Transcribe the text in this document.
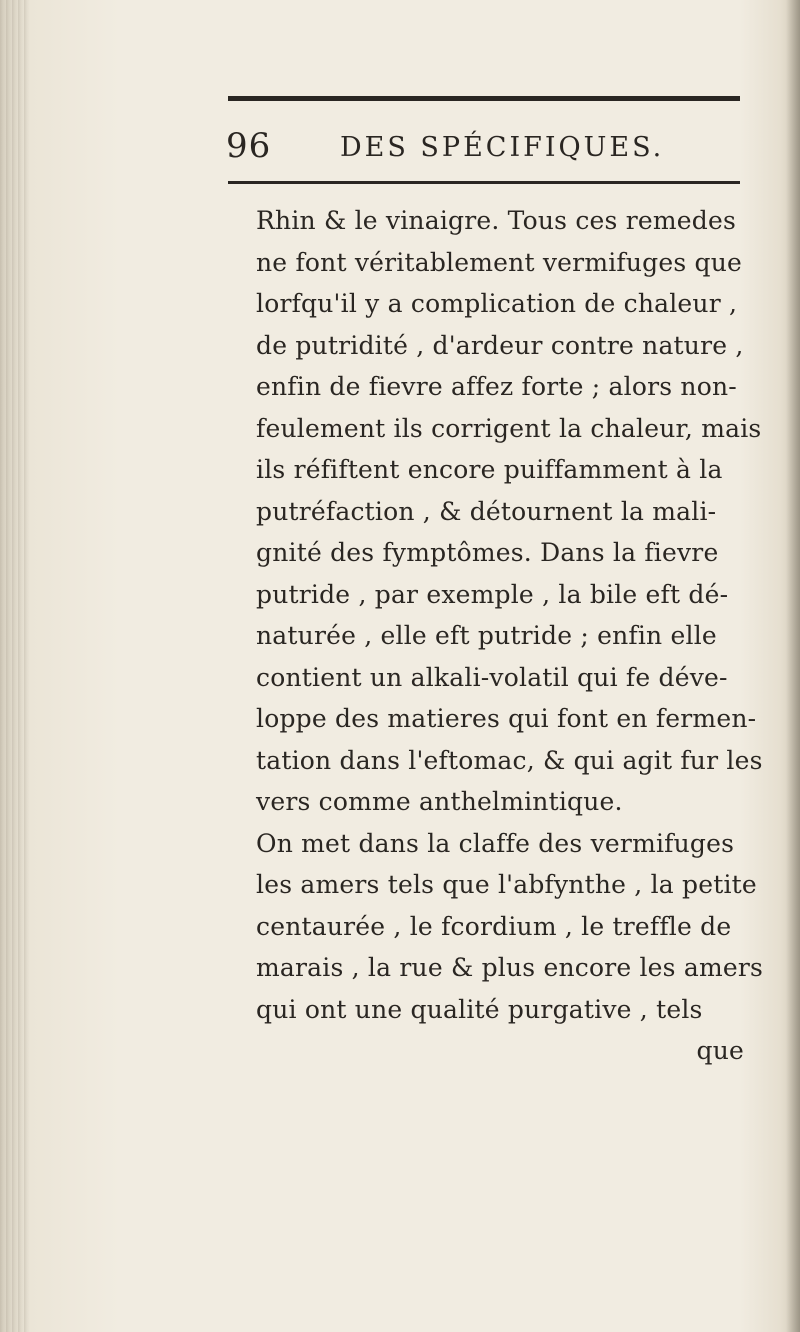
96	DES SPÉCIFIQUES.
Rhin & le vinaigre. Tous ces remedes
ne font véritablement vermifuges que
lorfqu'il y a complication de chaleur ,
de putridité , d'ardeur contre nature ,
enfin de fievre affez forte ; alors non-
feulement ils corrigent la chaleur, mais
ils réfiftent encore puiffamment à la
putréfaction , & détournent la mali-
gnité des fymptômes. Dans la fievre
putride , par exemple , la bile eft dé-
naturée , elle eft putride ; enfin elle
contient un alkali-volatil qui fe déve-
loppe des matieres qui font en fermen-
tation dans l'eftomac, & qui agit fur les
vers comme anthelmintique.
On met dans la claffe des vermifuges
les amers tels que l'abfynthe , la petite
centaurée , le fcordium , le treffle de
marais , la rue & plus encore les amers
qui ont une qualité purgative , tels
que
